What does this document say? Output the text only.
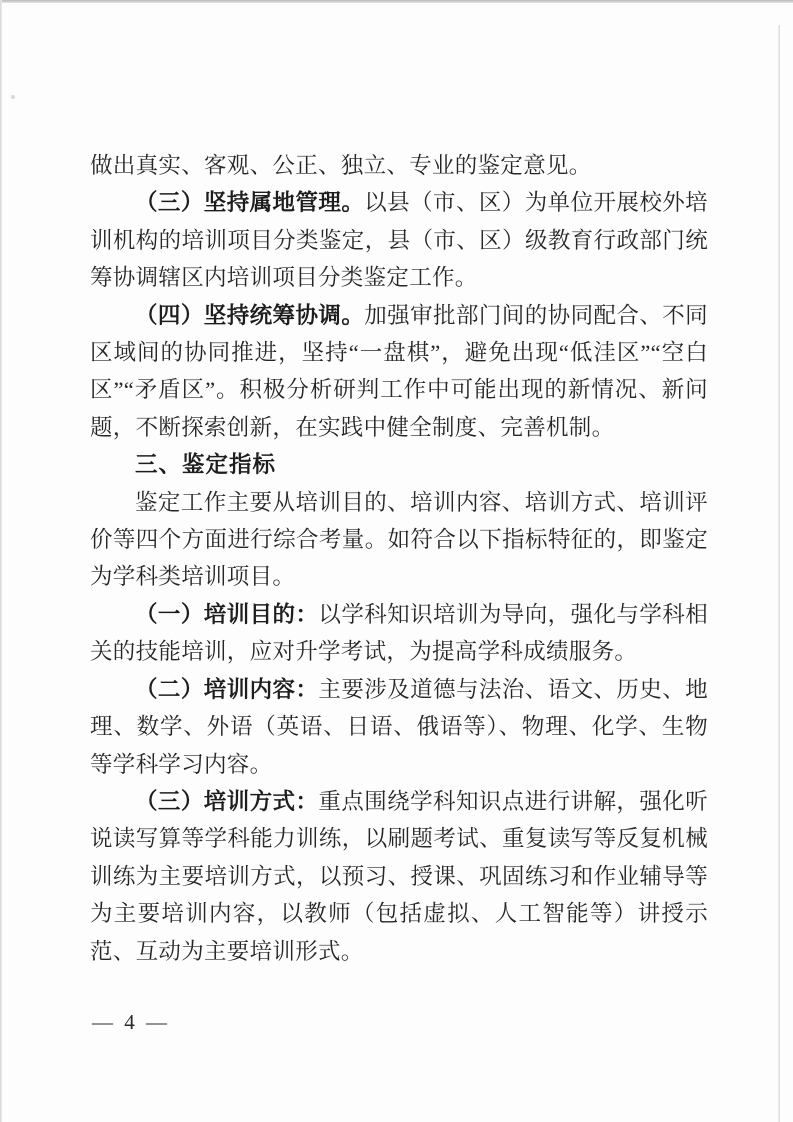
做出真实、客观、公正、独立、专业的鉴定意见。

（三）坚持属地管理。以县（市、区）为单位开展校外培训机构的培训项目分类鉴定，县（市、区）级教育行政部门统筹协调辖区内培训项目分类鉴定工作。

（四）坚持统筹协调。加强审批部门间的协同配合、不同区域间的协同推进，坚持“一盘棋”，避免出现“低洼区”“空白区”“矛盾区”。积极分析研判工作中可能出现的新情况、新问题，不断探索创新，在实践中健全制度、完善机制。

三、鉴定指标

鉴定工作主要从培训目的、培训内容、培训方式、培训评价等四个方面进行综合考量。如符合以下指标特征的，即鉴定为学科类培训项目。

（一）培训目的：以学科知识培训为导向，强化与学科相关的技能培训，应对升学考试，为提高学科成绩服务。

（二）培训内容：主要涉及道德与法治、语文、历史、地理、数学、外语（英语、日语、俄语等）、物理、化学、生物等学科学习内容。

（三）培训方式：重点围绕学科知识点进行讲解，强化听说读写算等学科能力训练，以刷题考试、重复读写等反复机械训练为主要培训方式，以预习、授课、巩固练习和作业辅导等为主要培训内容，以教师（包括虚拟、人工智能等）讲授示范、互动为主要培训形式。

— 4 —
